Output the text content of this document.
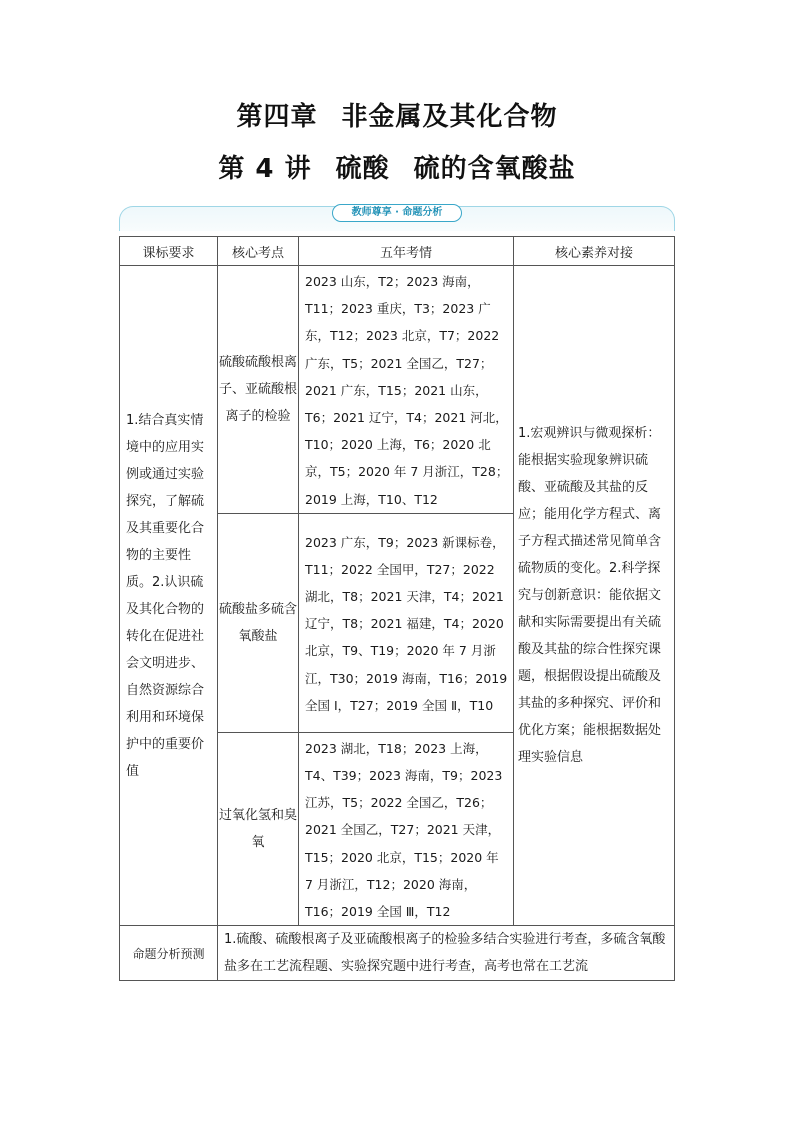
第四章 非金属及其化合物
第 4 讲 硫酸 硫的含氧酸盐
教师尊享 · 命题分析
课标要求	核心考点	五年考情	核心素养对接
1.结合真实情境中的应用实例或通过实验探究，了解硫及其重要化合物的主要性质。2.认识硫及其化合物的转化在促进社会文明进步、自然资源综合利用和环境保护中的重要价值	硫酸硫酸根离子、亚硫酸根离子的检验	2023 山东，T2；2023 海南，T11；2023 重庆，T3；2023 广东，T12；2023 北京，T7；2022 广东，T5；2021 全国乙，T27；2021 广东，T15；2021 山东，T6；2021 辽宁，T4；2021 河北，T10；2020 上海，T6；2020 北京，T5；2020 年 7 月浙江，T28；2019 上海，T10、T12	1.宏观辨识与微观探析：能根据实验现象辨识硫酸、亚硫酸及其盐的反应；能用化学方程式、离子方程式描述常见简单含硫物质的变化。2.科学探究与创新意识：能依据文献和实际需要提出有关硫酸及其盐的综合性探究课题，根据假设提出硫酸及其盐的多种探究、评价和优化方案；能根据数据处理实验信息
	硫酸盐多硫含氧酸盐	2023 广东，T9；2023 新课标卷，T11；2022 全国甲，T27；2022 湖北，T8；2021 天津，T4；2021 辽宁，T8；2021 福建，T4；2020 北京，T9、T19；2020 年 7 月浙江，T30；2019 海南，T16；2019 全国 Ⅰ，T27；2019 全国 Ⅱ，T10	
	过氧化氢和臭氧	2023 湖北，T18；2023 上海，T4、T39；2023 海南，T9；2023 江苏，T5；2022 全国乙，T26；2021 全国乙，T27；2021 天津，T15；2020 北京，T15；2020 年 7 月浙江，T12；2020 海南，T16；2019 全国 Ⅲ，T12	
命题分析预测	1.硫酸、硫酸根离子及亚硫酸根离子的检验多结合实验进行考查，多硫含氧酸盐多在工艺流程题、实验探究题中进行考查，高考也常在工艺流		
